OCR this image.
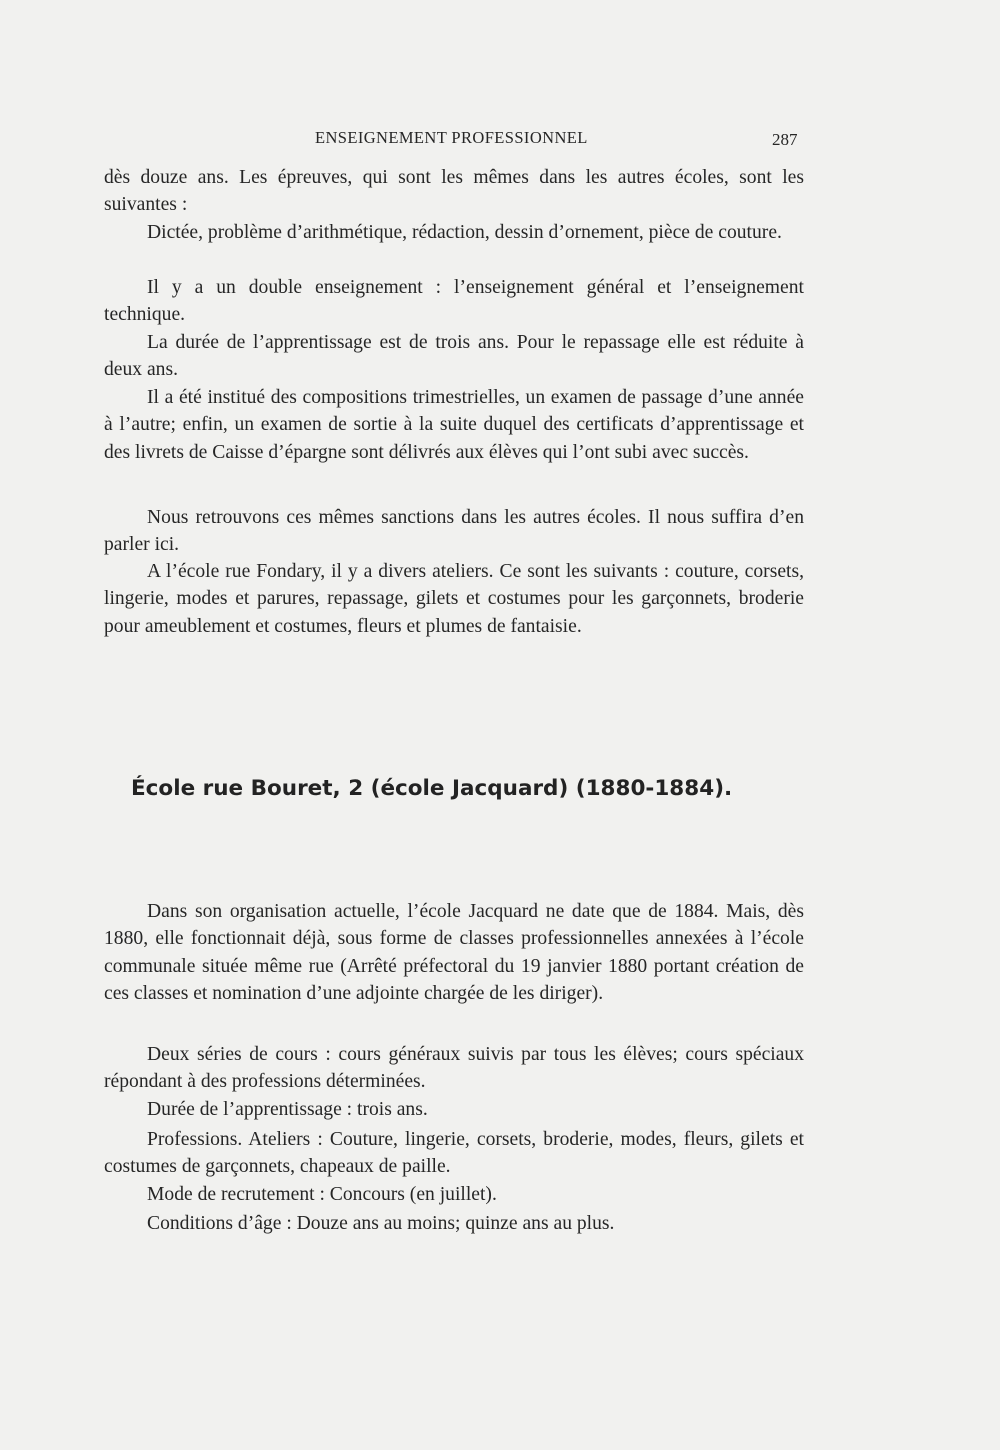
ENSEIGNEMENT PROFESSIONNEL	287

dès douze ans. Les épreuves, qui sont les mêmes dans les autres écoles, sont les suivantes :

Dictée, problème d’arithmétique, rédaction, dessin d’ornement, pièce de couture.

Il y a un double enseignement : l’enseignement général et l’enseignement technique.

La durée de l’apprentissage est de trois ans. Pour le repassage elle est réduite à deux ans.

Il a été institué des compositions trimestrielles, un examen de passage d’une année à l’autre; enfin, un examen de sortie à la suite duquel des certificats d’apprentissage et des livrets de Caisse d’épargne sont délivrés aux élèves qui l’ont subi avec succès.

Nous retrouvons ces mêmes sanctions dans les autres écoles. Il nous suffira d’en parler ici.

A l’école rue Fondary, il y a divers ateliers. Ce sont les suivants : couture, corsets, lingerie, modes et parures, repassage, gilets et costumes pour les garçonnets, broderie pour ameublement et costumes, fleurs et plumes de fantaisie.

École rue Bouret, 2 (école Jacquard) (1880-1884).

Dans son organisation actuelle, l’école Jacquard ne date que de 1884. Mais, dès 1880, elle fonctionnait déjà, sous forme de classes professionnelles annexées à l’école communale située même rue (Arrêté préfectoral du 19 janvier 1880 portant création de ces classes et nomination d’une adjointe chargée de les diriger).

Deux séries de cours : cours généraux suivis par tous les élèves; cours spéciaux répondant à des professions déterminées.

Durée de l’apprentissage : trois ans.

Professions. Ateliers : Couture, lingerie, corsets, broderie, modes, fleurs, gilets et costumes de garçonnets, chapeaux de paille.

Mode de recrutement : Concours (en juillet).

Conditions d’âge : Douze ans au moins; quinze ans au plus.
